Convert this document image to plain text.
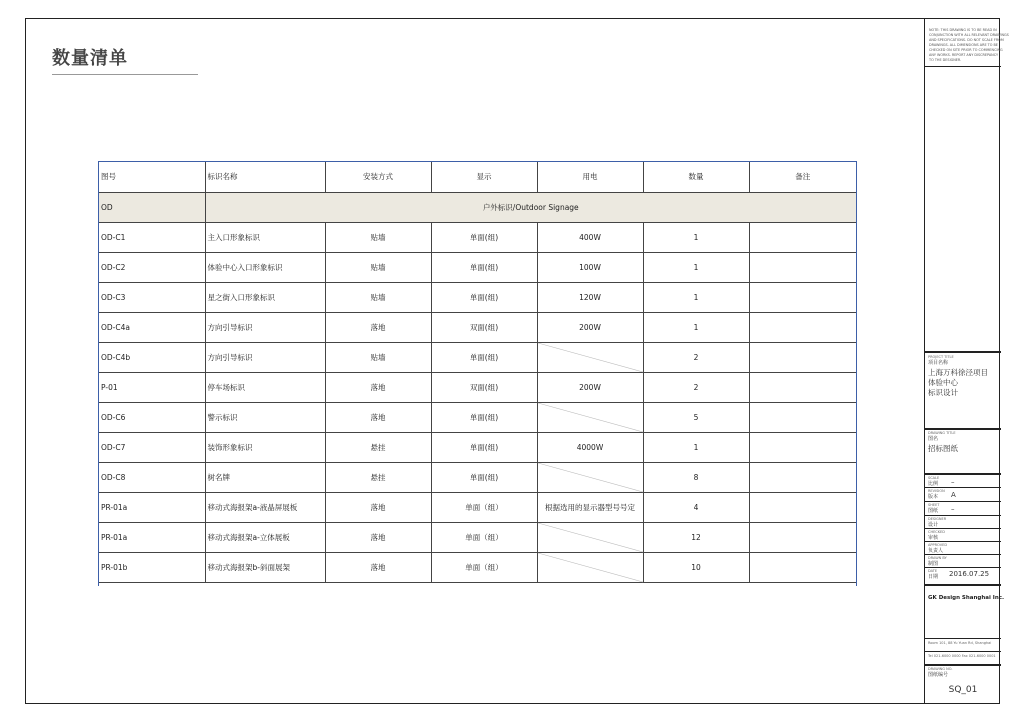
数量清单
图号	标识名称	安装方式	显示	用电	数量	备注
OD	户外标识/Outdoor Signage					
OD-C1	主入口形象标识	贴墙	单面(组)	400W	1	
OD-C2	体验中心入口形象标识	贴墙	单面(组)	100W	1	
OD-C3	星之街入口形象标识	贴墙	单面(组)	120W	1	
OD-C4a	方向引导标识	落地	双面(组)	200W	1	
OD-C4b	方向引导标识	贴墙	单面(组)		2	
P-01	停车场标识	落地	双面(组)	200W	2	
OD-C6	警示标识	落地	单面(组)		5	
OD-C7	装饰形象标识	悬挂	单面(组)	4000W	1	
OD-C8	树名牌	悬挂	单面(组)		8	
PR-01a	移动式海报架a-液晶屏展板	落地	单面（组）	根据选用的显示器型号号定	4	
PR-01a	移动式海报架a-立体展板	落地	单面（组）		12	
PR-01b	移动式海报架b-斜面展架	落地	单面（组）		10	
NOTE: THIS DRAWING IS TO BE READ IN
CONJUNCTION WITH ALL RELEVANT DRAWINGS
AND SPECIFICATIONS. DO NOT SCALE FROM
DRAWINGS. ALL DIMENSIONS ARE TO BE
CHECKED ON SITE PRIOR TO COMMENCING
ANY WORKS. REPORT ANY DISCREPANCY
TO THE DESIGNER.
PROJECT TITLE
项目名称
上海万科徐泾项目
体验中心
标识设计
DRAWING TITLE
图名
招标图纸
SCALE
比例 –
REVISION
版本 A
SHEET
图纸 –
DESIGNER
设计
CHECKED
审核
APPROVED
负责人
DRAWN BY
制图
DATE
日期 2016.07.25
GK Design Shanghai Inc.
Room 101, 88 Yu Yuan Rd, Shanghai
Tel 021-6000 0000 Fax 021-6000 0001
DRAWING NO.
图纸编号
SQ_01
